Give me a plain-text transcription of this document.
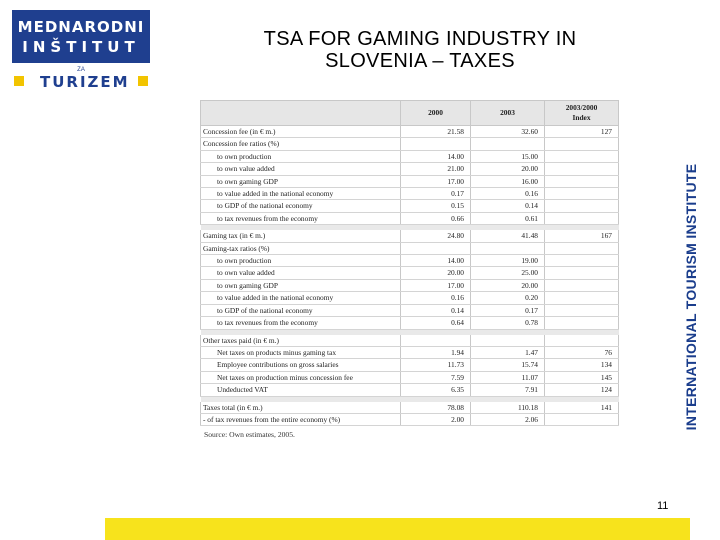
MEDNARODNI
INŠTITUT
ZA
TURIZEM
TSA FOR GAMING INDUSTRY IN
SLOVENIA – TAXES
INTERNATIONAL TOURISM INSTITUTE
	2000	2003	2003/2000 Index

Concession fee (in € m.)	21.58	32.60	127
Concession fee ratios (%)			
to own production	14.00	15.00	
to own value added	21.00	20.00	
to own gaming GDP	17.00	16.00	
to value added in the national economy	0.17	0.16	
to GDP of the national economy	0.15	0.14	
to tax revenues from the economy	0.66	0.61	

Gaming tax (in € m.)	24.80	41.48	167
Gaming-tax ratios (%)			
to own production	14.00	19.00	
to own value added	20.00	25.00	
to own gaming GDP	17.00	20.00	
to value added in the national economy	0.16	0.20	
to GDP of the national economy	0.14	0.17	
to tax revenues from the economy	0.64	0.78	

Other taxes paid (in € m.)			
Net taxes on products minus gaming tax	1.94	1.47	76
Employee contributions on gross salaries	11.73	15.74	134
Net taxes on production minus concession fee	7.59	11.07	145
Undeducted VAT	6.35	7.91	124

Taxes total (in € m.)	78.08	110.18	141
- of tax revenues from the entire economy (%)	2.00	2.06	
Source: Own estimates, 2005.
11
